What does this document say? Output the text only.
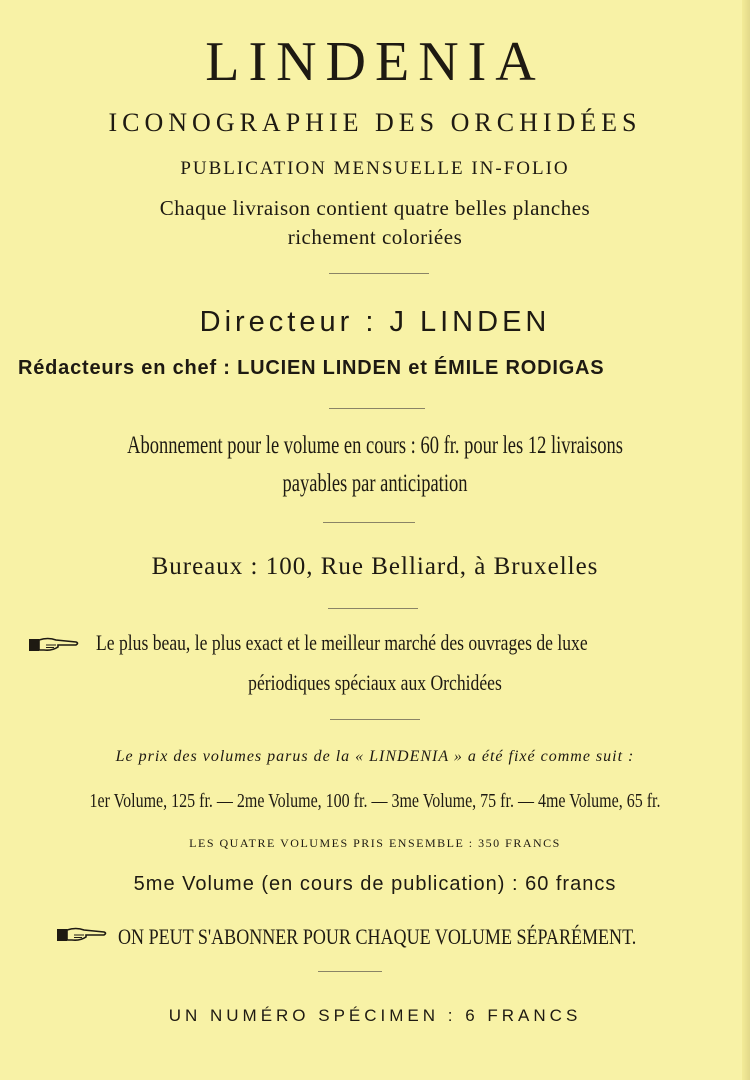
LINDENIA
ICONOGRAPHIE DES ORCHIDÉES
PUBLICATION MENSUELLE IN-FOLIO
Chaque livraison contient quatre belles planches
richement coloriées
Directeur : J LINDEN
Rédacteurs en chef : LUCIEN LINDEN et ÉMILE RODIGAS
Abonnement pour le volume en cours : 60 fr. pour les 12 livraisons
payables par anticipation
Bureaux : 100, Rue Belliard, à Bruxelles
Le plus beau, le plus exact et le meilleur marché des ouvrages de luxe
périodiques spéciaux aux Orchidées
Le prix des volumes parus de la « LINDENIA » a été fixé comme suit :
1er Volume, 125 fr. — 2me Volume, 100 fr. — 3me Volume, 75 fr. — 4me Volume, 65 fr.
LES QUATRE VOLUMES PRIS ENSEMBLE : 350 FRANCS
5me Volume (en cours de publication) : 60 francs
ON PEUT S'ABONNER POUR CHAQUE VOLUME SÉPARÉMENT.
UN NUMÉRO SPÉCIMEN : 6 FRANCS
